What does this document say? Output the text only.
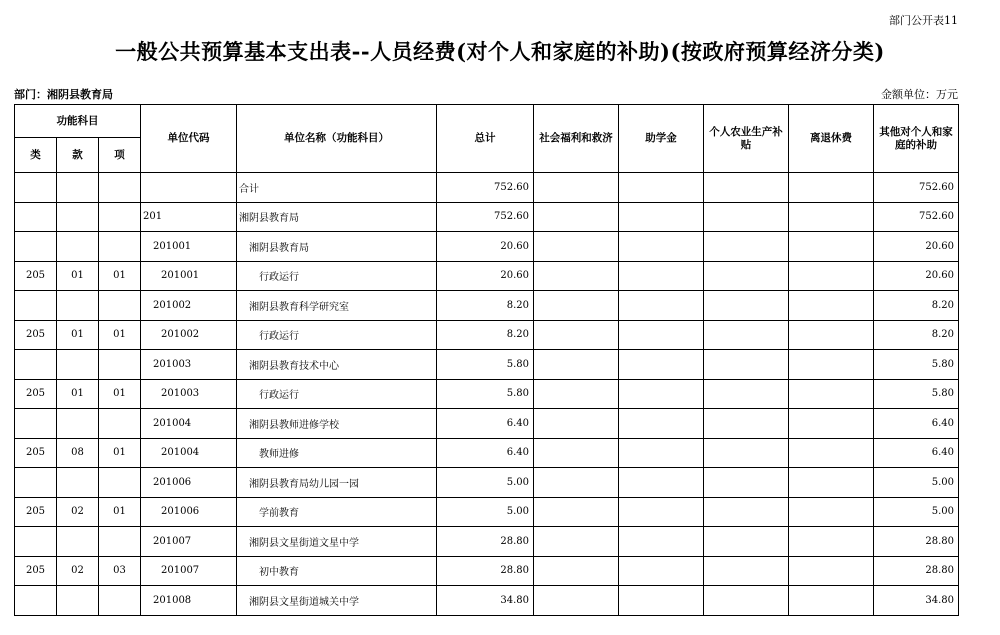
部门公开表11
一般公共预算基本支出表--人员经费(对个人和家庭的补助)(按政府预算经济分类)
部门：湘阴县教育局	金额单位：万元
功能科目			单位代码	单位名称（功能科目）	总计	社会福利和救济	助学金	个人农业生产补贴	离退休费	其他对个人和家庭的补助
类	款	项								
				合计	752.60					752.60
			201	湘阴县教育局	752.60					752.60
			201001	湘阴县教育局	20.60					20.60
205	01	01	201001	行政运行	20.60					20.60
			201002	湘阴县教育科学研究室	8.20					8.20
205	01	01	201002	行政运行	8.20					8.20
			201003	湘阴县教育技术中心	5.80					5.80
205	01	01	201003	行政运行	5.80					5.80
			201004	湘阴县教师进修学校	6.40					6.40
205	08	01	201004	教师进修	6.40					6.40
			201006	湘阴县教育局幼儿园一园	5.00					5.00
205	02	01	201006	学前教育	5.00					5.00
			201007	湘阴县文星街道文星中学	28.80					28.80
205	02	03	201007	初中教育	28.80					28.80
			201008	湘阴县文星街道城关中学	34.80					34.80
